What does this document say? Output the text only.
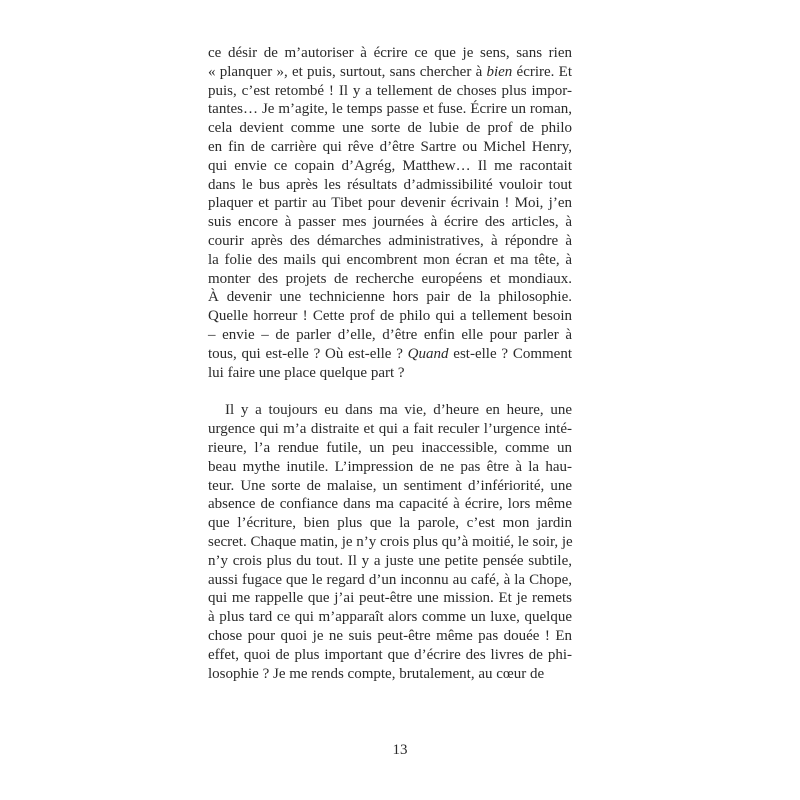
ce désir de m’autoriser à écrire ce que je sens, sans rien
« planquer », et puis, surtout, sans chercher à bien écrire. Et
puis, c’est retombé ! Il y a tellement de choses plus impor-
tantes… Je m’agite, le temps passe et fuse. Écrire un roman,
cela devient comme une sorte de lubie de prof de philo
en fin de carrière qui rêve d’être Sartre ou Michel Henry,
qui envie ce copain d’Agrég, Matthew… Il me racontait
dans le bus après les résultats d’admissibilité vouloir tout
plaquer et partir au Tibet pour devenir écrivain ! Moi, j’en
suis encore à passer mes journées à écrire des articles, à
courir après des démarches administratives, à répondre à
la folie des mails qui encombrent mon écran et ma tête, à
monter des projets de recherche européens et mondiaux.
À devenir une technicienne hors pair de la philosophie.
Quelle horreur ! Cette prof de philo qui a tellement besoin
– envie – de parler d’elle, d’être enfin elle pour parler à
tous, qui est-elle ? Où est-elle ? Quand est-elle ? Comment
lui faire une place quelque part ?
Il y a toujours eu dans ma vie, d’heure en heure, une
urgence qui m’a distraite et qui a fait reculer l’urgence inté-
rieure, l’a rendue futile, un peu inaccessible, comme un
beau mythe inutile. L’impression de ne pas être à la hau-
teur. Une sorte de malaise, un sentiment d’infériorité, une
absence de confiance dans ma capacité à écrire, lors même
que l’écriture, bien plus que la parole, c’est mon jardin
secret. Chaque matin, je n’y crois plus qu’à moitié, le soir, je
n’y crois plus du tout. Il y a juste une petite pensée subtile,
aussi fugace que le regard d’un inconnu au café, à la Chope,
qui me rappelle que j’ai peut-être une mission. Et je remets
à plus tard ce qui m’apparaît alors comme un luxe, quelque
chose pour quoi je ne suis peut-être même pas douée ! En
effet, quoi de plus important que d’écrire des livres de phi-
losophie ? Je me rends compte, brutalement, au cœur de
13
